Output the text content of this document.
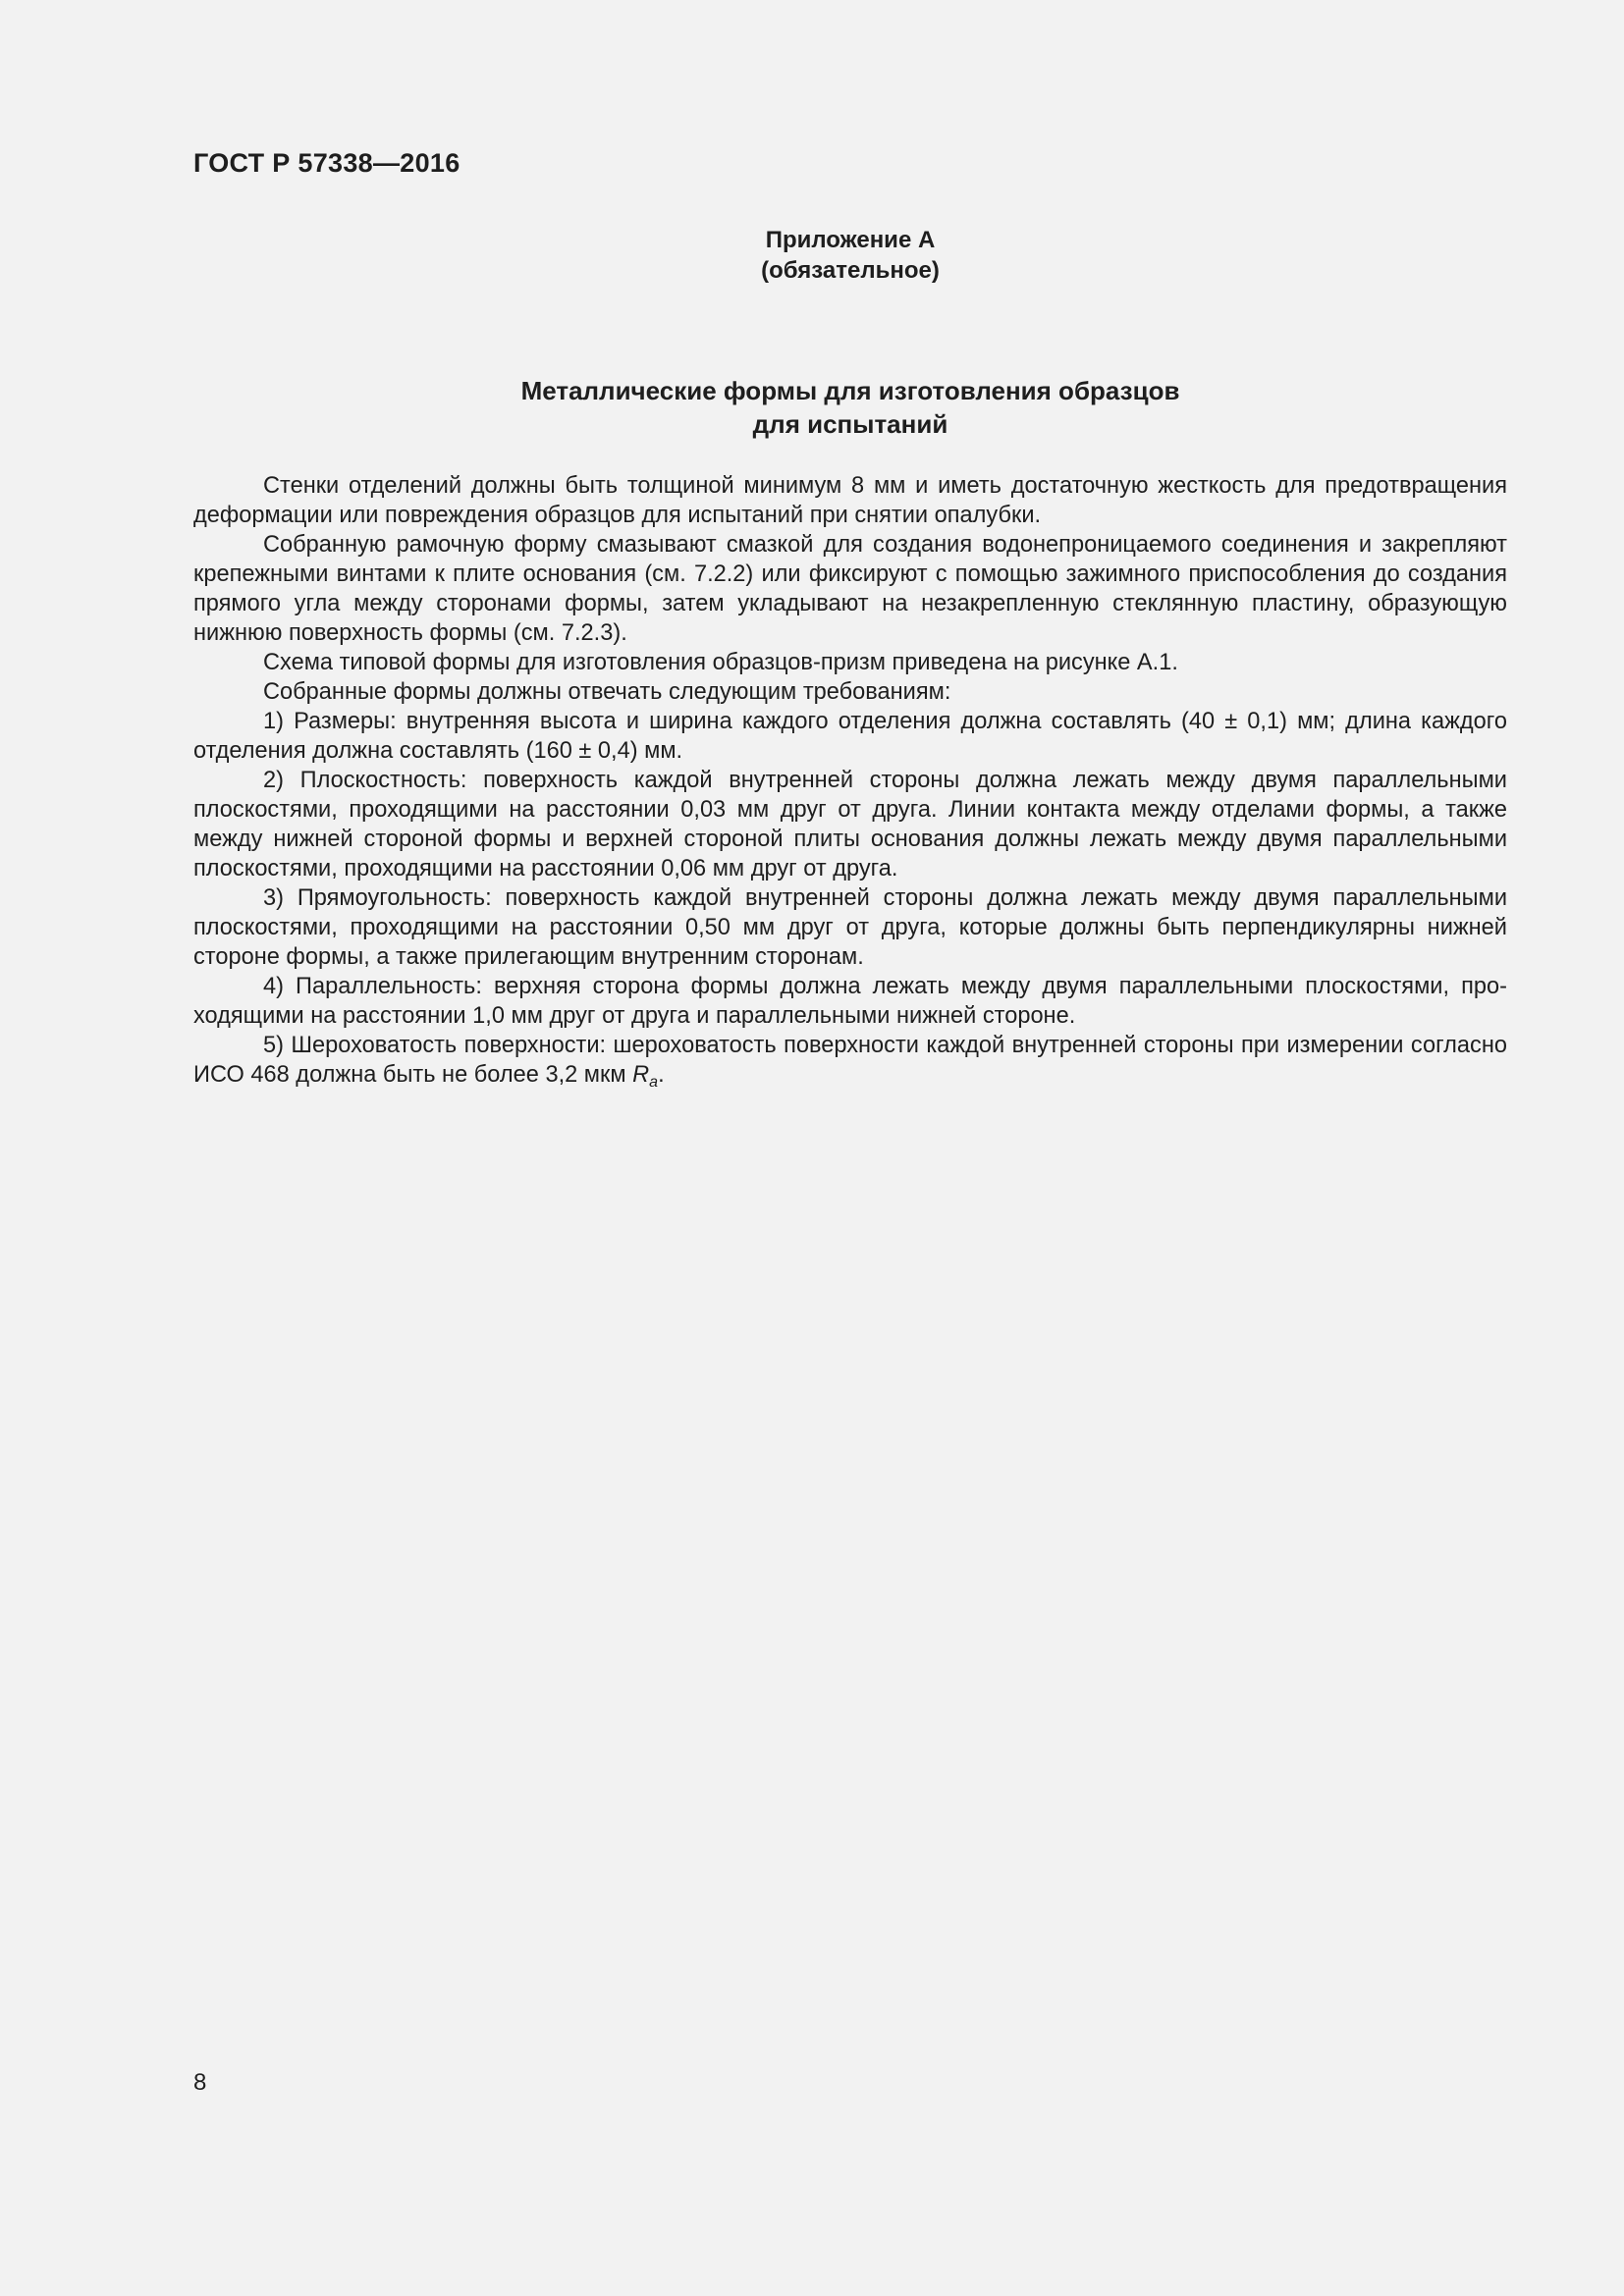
ГОСТ Р 57338—2016
Приложение А
(обязательное)
Металлические формы для изготовления образцов
для испытаний

Стенки отделений должны быть толщиной минимум 8 мм и иметь достаточную жесткость для предотвращения деформации или повреждения образцов для испытаний при снятии опалубки.

Собранную рамочную форму смазывают смазкой для создания водонепроницаемого соединения и закрепляют крепежными винтами к плите основания (см. 7.2.2) или фиксируют с помощью зажимного приспособления до создания прямого угла между сторонами формы, затем укладывают на незакрепленную стеклянную пластину, образующую нижнюю поверхность формы (см. 7.2.3).

Схема типовой формы для изготовления образцов-призм приведена на рисунке А.1.

Собранные формы должны отвечать следующим требованиям:

1) Размеры: внутренняя высота и ширина каждого отделения должна составлять (40 ± 0,1) мм; длина каждого отделения должна составлять (160 ± 0,4) мм.

2) Плоскостность: поверхность каждой внутренней стороны должна лежать между двумя параллельными плоскостями, проходящими на расстоянии 0,03 мм друг от друга. Линии контакта между отделами формы, а также между нижней стороной формы и верхней стороной плиты основания должны лежать между двумя параллельными плоскостями, проходящими на расстоянии 0,06 мм друг от друга.

3) Прямоугольность: поверхность каждой внутренней стороны должна лежать между двумя параллельными плоскостями, проходящими на расстоянии 0,50 мм друг от друга, которые должны быть перпендикулярны нижней стороне формы, а также прилегающим внутренним сторонам.

4) Параллельность: верхняя сторона формы должна лежать между двумя параллельными плоскостями, проходящими на расстоянии 1,0 мм друг от друга и параллельными нижней стороне.

5) Шероховатость поверхности: шероховатость поверхности каждой внутренней стороны при измерении согласно ИСО 468 должна быть не более 3,2 мкм $R_a$.

8
